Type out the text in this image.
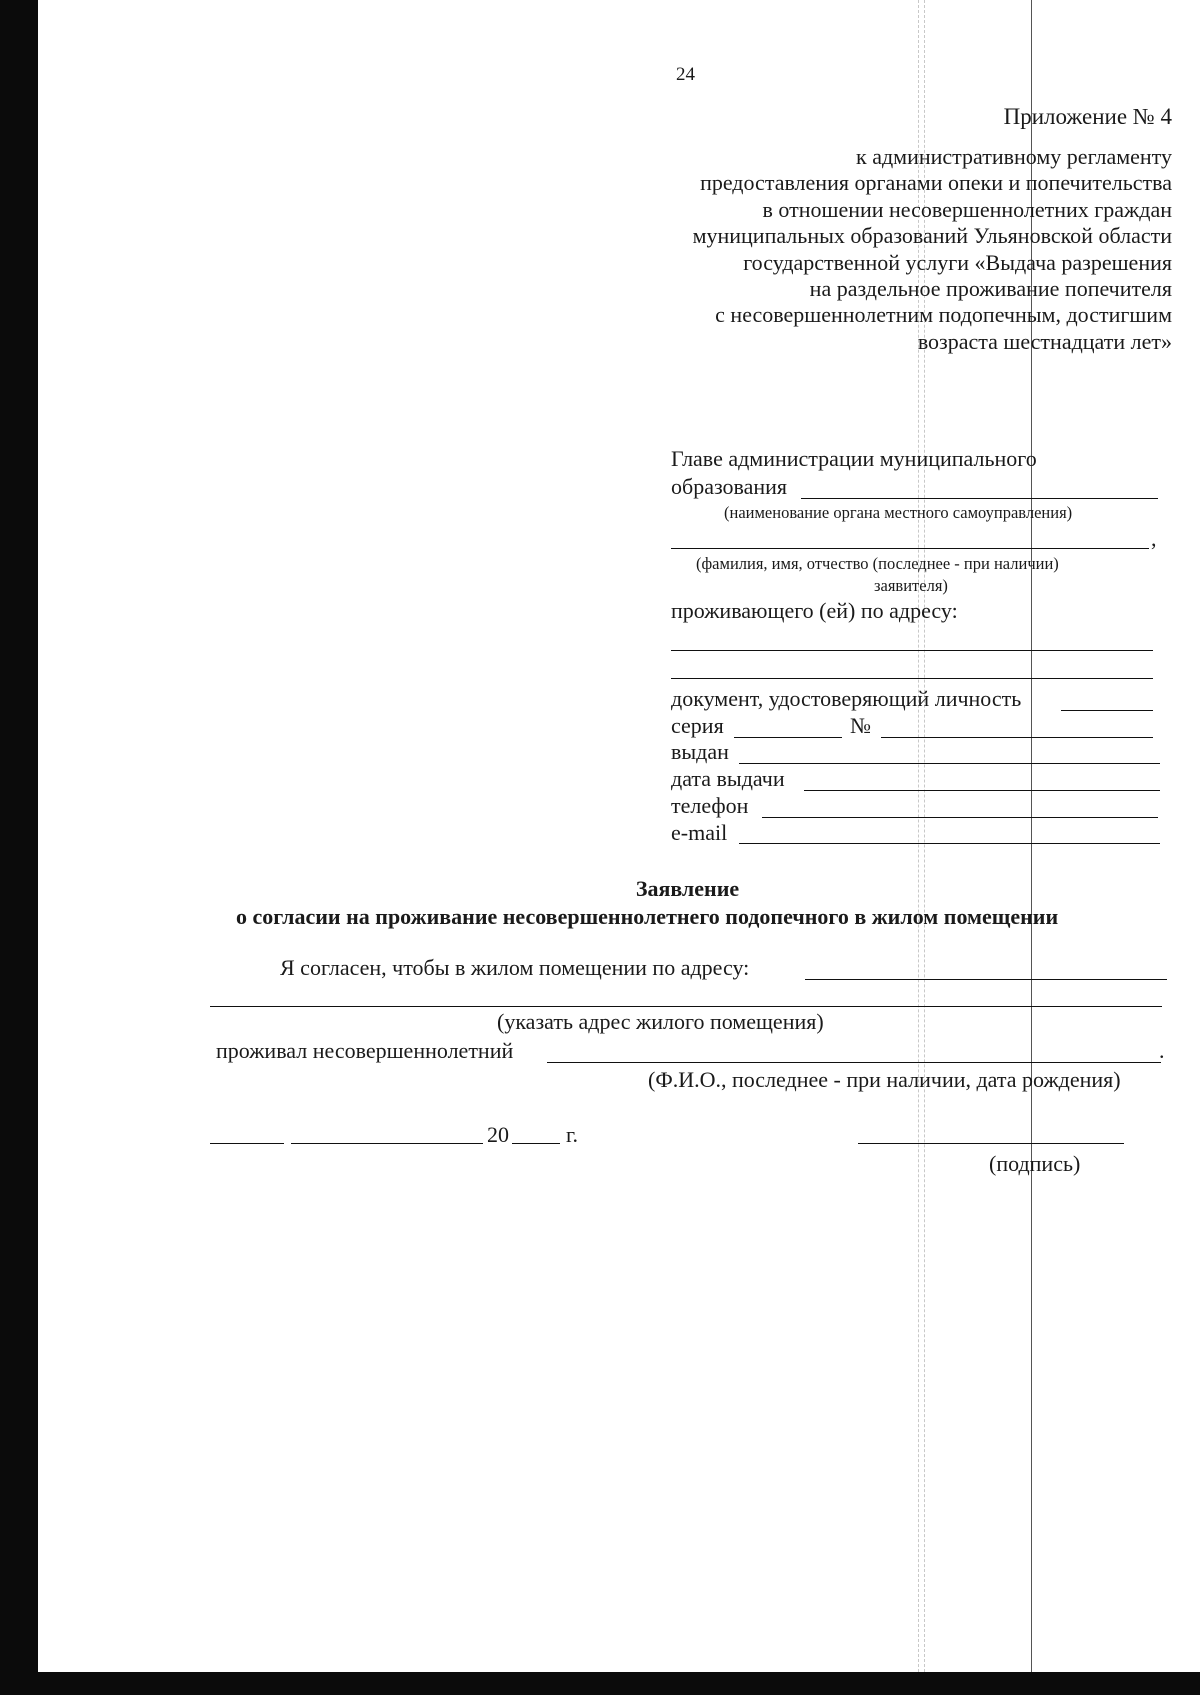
24
Приложение № 4
к административному регламенту
предоставления органами опеки и попечительства
в отношении несовершеннолетних граждан
муниципальных образований Ульяновской области
государственной услуги «Выдача разрешения
на раздельное проживание попечителя
с несовершеннолетним подопечным, достигшим
возраста шестнадцати лет»
Главе администрации муниципального
образования
(наименование органа местного самоуправления)
,
(фамилия, имя, отчество (последнее - при наличии)
заявителя)
проживающего (ей) по адресу:
документ, удостоверяющий личность
серия	№
выдан
дата выдачи
телефон
e-mail
Заявление
о согласии на проживание несовершеннолетнего подопечного в жилом помещении
Я согласен, чтобы в жилом помещении по адресу:
(указать адрес жилого помещения)
проживал несовершеннолетний	.
(Ф.И.О., последнее - при наличии, дата рождения)
20	г.
(подпись)
